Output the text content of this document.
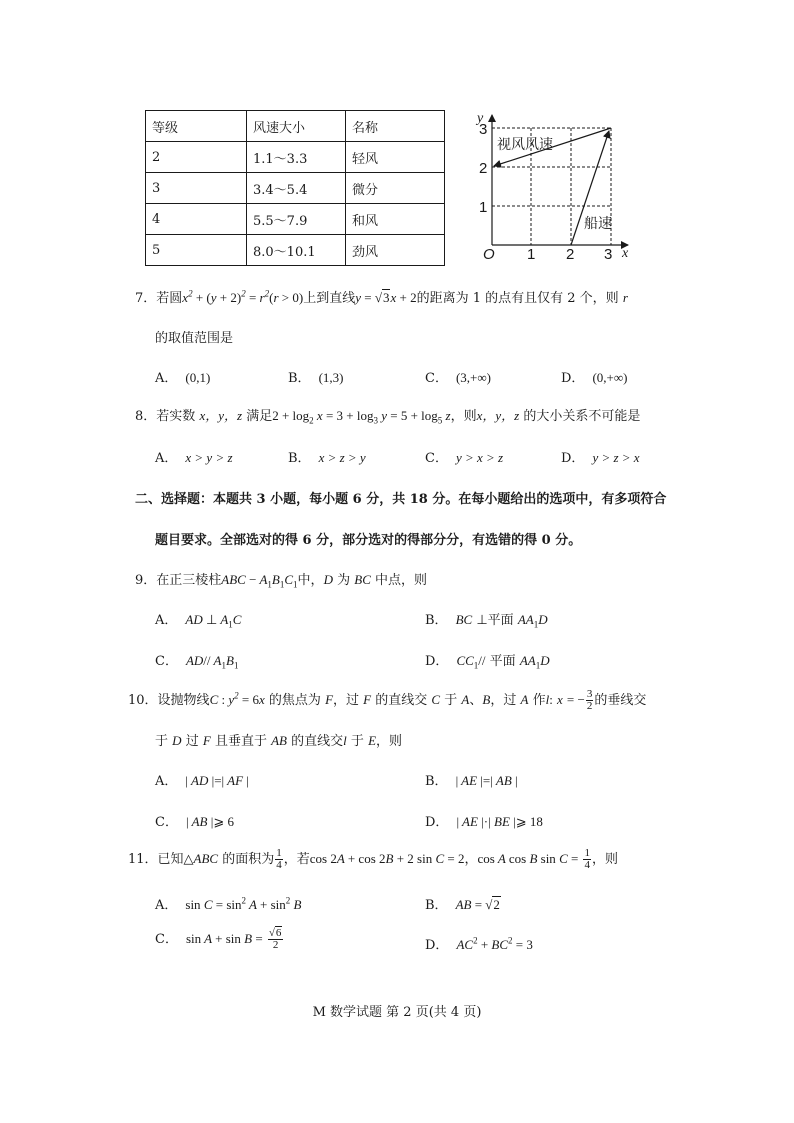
等级	风速大小	名称
2	1.1～3.3	轻风
3	3.4～5.4	微分
4	5.5～7.9	和风
5	8.0～10.1	劲风
y
x
O 1 2 3
1
2
3
视风风速
船速
7．若圆$x^2 + (y + 2)^2 = r^2(r > 0)$上到直线y = √3x + 2的距离为 1 的点有且仅有 2 个，则 r
的取值范围是
A． (0,1)	B． (1,3)	C． (3,+∞)	D． (0,+∞)
8．若实数 x，y，z 满足$2 + \log_2 x = 3 + \log_3 y = 5 + \log_5 z$，则x，y，z 的大小关系不可能是
A． x > y > z	B． x > z > y	C． y > x > z	D． y > z > x
二、选择题：本题共 3 小题，每小题 6 分，共 18 分。在每小题给出的选项中，有多项符合
题目要求。全部选对的得 6 分，部分选对的得部分分，有选错的得 0 分。
9．在正三棱柱ABC − $A_1B_1C_1$中，D 为 BC 中点，则
A． AD ⊥ $A_1C$	B． BC ⊥平面 $AA_1D$
C． AD// $A_1B_1$	D． $CC_1//$ 平面 $AA_1D$
10．设抛物线C : $y^2 = 6x$ 的焦点为 F，过 F 的直线交 C 于 A、B，过 A 作l: x = − $\frac{3}{2}$ 的垂线交
于 D 过 F 且垂直于 AB 的直线交l 于 E，则
A． | AD |=| AF |	B． | AE |=| AB |
C． | AB |⩾ 6	D． | AE |·| BE |⩾ 18
11．已知△ABC 的面积为 $\frac{1}{4}$ ，若cos 2A + cos 2B + 2 sin C = 2，cos A cos B $\sin C = \frac{1}{4}$ ，则
A． $\sin C = \sin^2 A + \sin^2 B$	B． AB = √2
C． $\sin A + \sin B = \frac{√6}{2}$	D． $AC^2 + BC^2 = 3$
M 数学试题 第 2 页(共 4 页)
